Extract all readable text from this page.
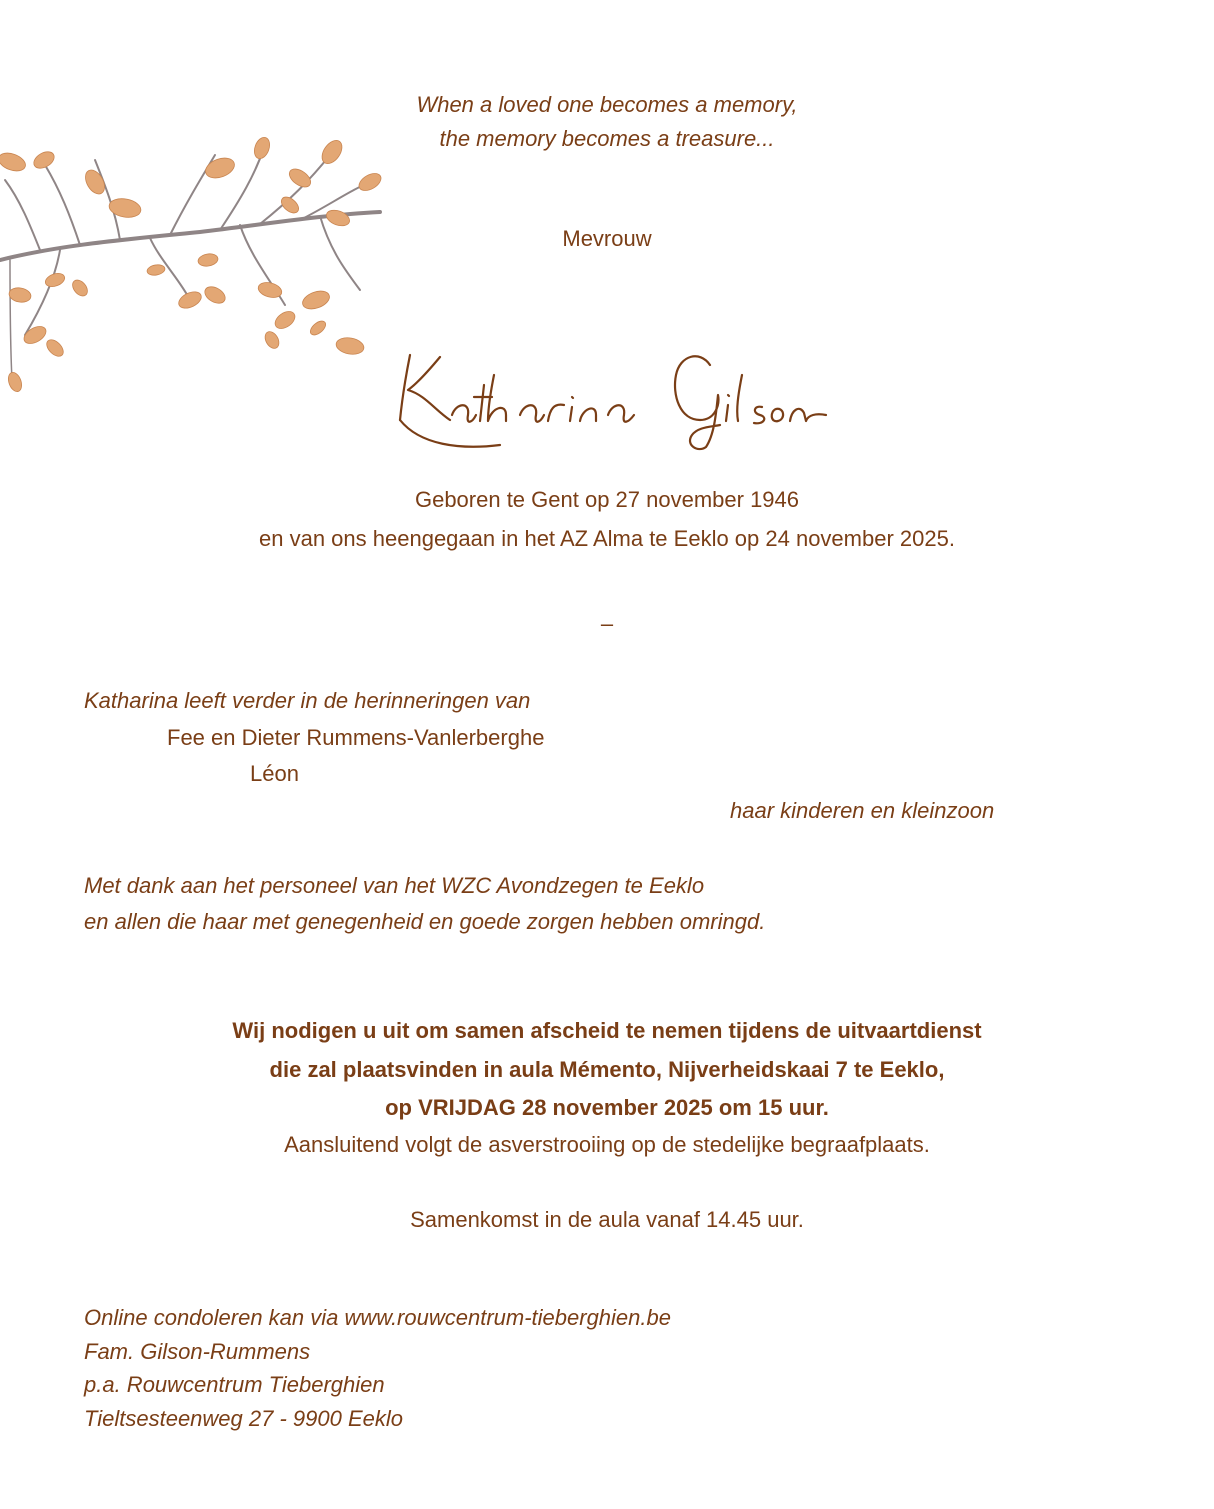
When a loved one becomes a memory,

the memory becomes a treasure...

Mevrouw

Katharina Gilson

Geboren te Gent op 27 november 1946

en van ons heengegaan in het AZ Alma te Eeklo op 24 november 2025.

–

Katharina leeft verder in de herinneringen van

Fee en Dieter Rummens-Vanlerberghe

Léon

haar kinderen en kleinzoon

Met dank aan het personeel van het WZC Avondzegen te Eeklo

en allen die haar met genegenheid en goede zorgen hebben omringd.

Wij nodigen u uit om samen afscheid te nemen tijdens de uitvaartdienst

die zal plaatsvinden in aula Mémento, Nijverheidskaai 7 te Eeklo,

op VRIJDAG 28 november 2025 om 15 uur.

Aansluitend volgt de asverstrooiing op de stedelijke begraafplaats.

Samenkomst in de aula vanaf 14.45 uur.

Online condoleren kan via www.rouwcentrum-tieberghien.be

Fam. Gilson-Rummens

p.a. Rouwcentrum Tieberghien

Tieltsesteenweg 27 - 9900 Eeklo
